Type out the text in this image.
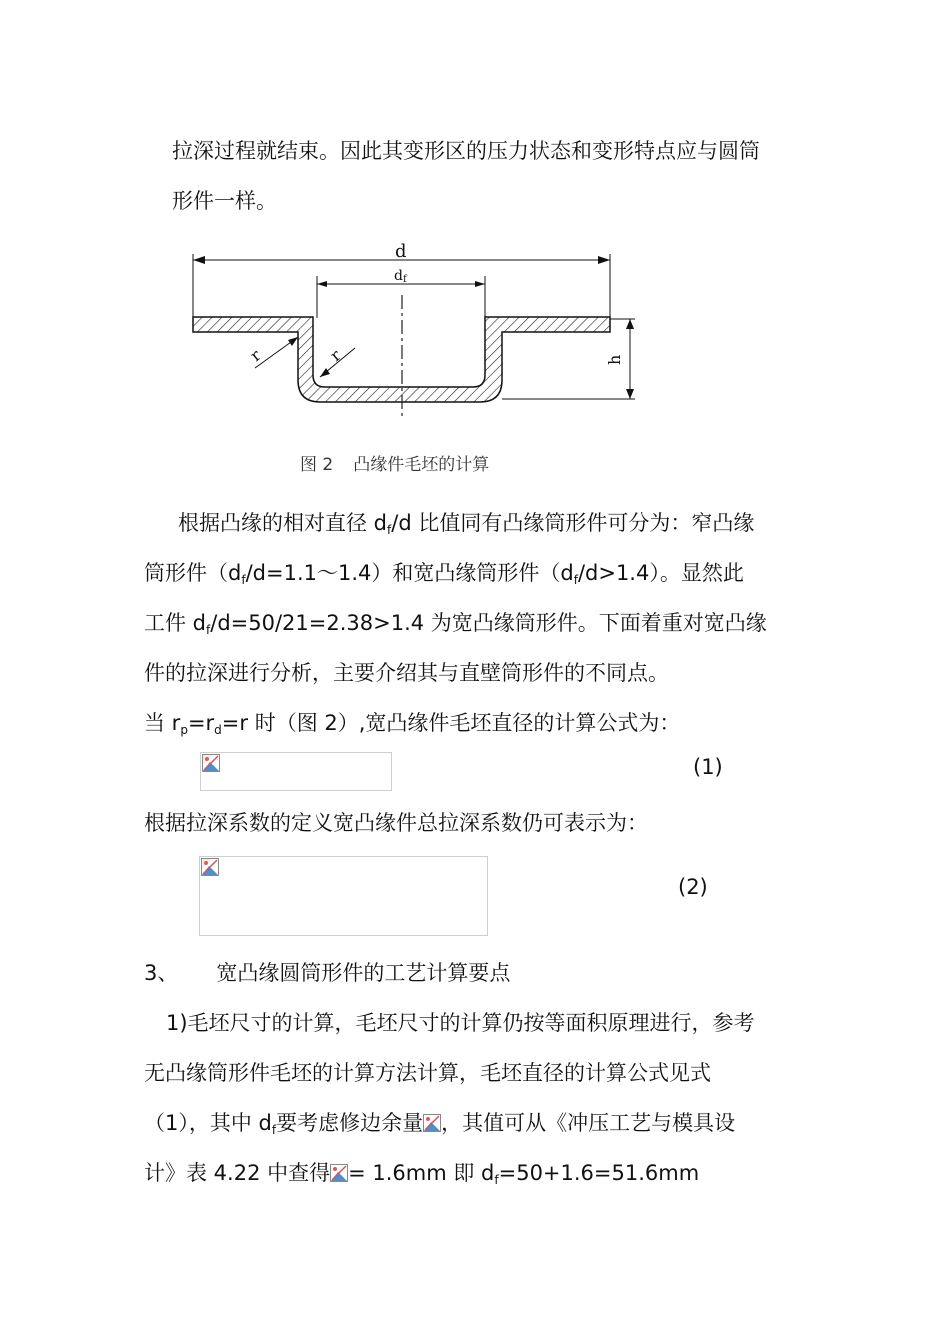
拉深过程就结束。因此其变形区的压力状态和变形特点应与圆筒
形件一样。
d
df
h
r	r
图 2 凸缘件毛坯的计算
根据凸缘的相对直径 df/d 比值同有凸缘筒形件可分为：窄凸缘
筒形件（df/d=1.1～1.4）和宽凸缘筒形件（df/d>1.4）。显然此
工件 df/d=50/21=2.38>1.4 为宽凸缘筒形件。下面着重对宽凸缘
件的拉深进行分析，主要介绍其与直壁筒形件的不同点。
当 rp=rd=r 时（图 2）,宽凸缘件毛坯直径的计算公式为：
(1)
根据拉深系数的定义宽凸缘件总拉深系数仍可表示为：
(2)
3、 宽凸缘圆筒形件的工艺计算要点
1)毛坯尺寸的计算，毛坯尺寸的计算仍按等面积原理进行，参考
无凸缘筒形件毛坯的计算方法计算，毛坯直径的计算公式见式
（1），其中 df要考虑修边余量 ，其值可从《冲压工艺与模具设
计》表 4.22 中查得 = 1.6mm 即 df=50+1.6=51.6mm
